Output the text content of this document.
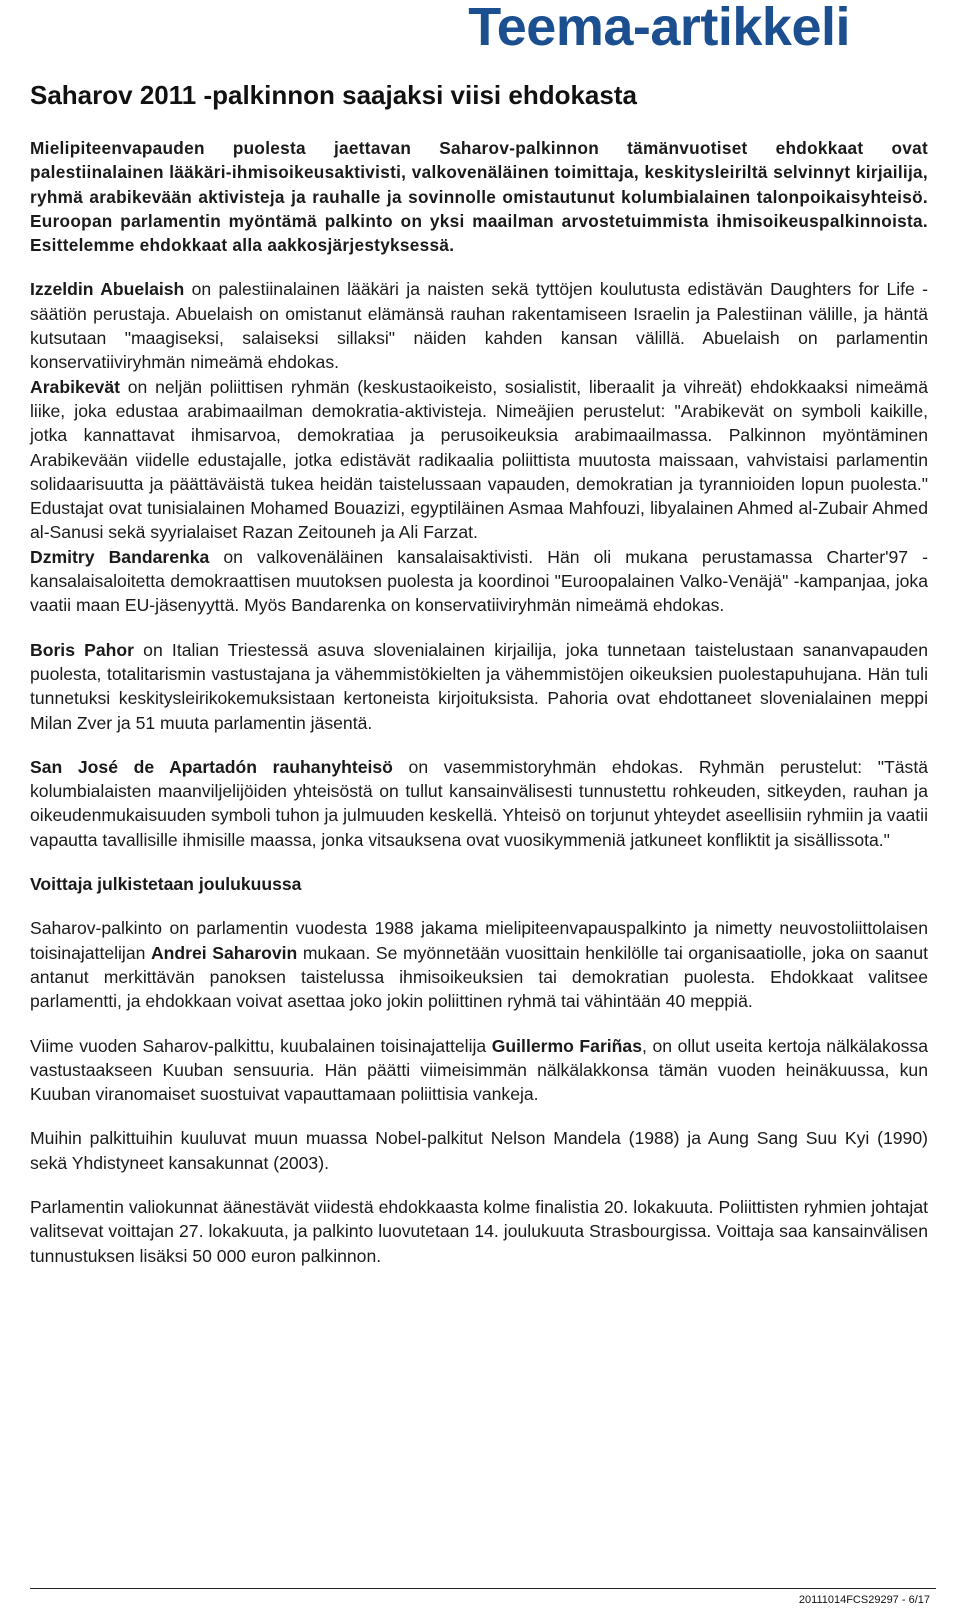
Teema-artikkeli
Saharov 2011 -palkinnon saajaksi viisi ehdokasta

Mielipiteenvapauden puolesta jaettavan Saharov-palkinnon tämänvuotiset ehdokkaat ovat palestiinalainen lääkäri-ihmisoikeusaktivisti, valkovenäläinen toimittaja, keskitysleiriltä selvinnyt kirjailija, ryhmä arabikevään aktivisteja ja rauhalle ja sovinnolle omistautunut kolumbialainen talonpoikaisyhteisö. Euroopan parlamentin myöntämä palkinto on yksi maailman arvostetuimmista ihmisoikeuspalkinnoista. Esittelemme ehdokkaat alla aakkosjärjestyksessä.

Izzeldin Abuelaish on palestiinalainen lääkäri ja naisten sekä tyttöjen koulutusta edistävän Daughters for Life -säätiön perustaja. Abuelaish on omistanut elämänsä rauhan rakentamiseen Israelin ja Palestiinan välille, ja häntä kutsutaan "maagiseksi, salaiseksi sillaksi" näiden kahden kansan välillä. Abuelaish on parlamentin konservatiiviryhmän nimeämä ehdokas.

Arabikevät on neljän poliittisen ryhmän (keskustaoikeisto, sosialistit, liberaalit ja vihreät) ehdokkaaksi nimeämä liike, joka edustaa arabimaailman demokratia-aktivisteja. Nimeäjien perustelut: "Arabikevät on symboli kaikille, jotka kannattavat ihmisarvoa, demokratiaa ja perusoikeuksia arabimaailmassa. Palkinnon myöntäminen Arabikevään viidelle edustajalle, jotka edistävät radikaalia poliittista muutosta maissaan, vahvistaisi parlamentin solidaarisuutta ja päättäväistä tukea heidän taistelussaan vapauden, demokratian ja tyrannioiden lopun puolesta." Edustajat ovat tunisialainen Mohamed Bouazizi, egyptiläinen Asmaa Mahfouzi, libyalainen Ahmed al-Zubair Ahmed al-Sanusi sekä syyrialaiset Razan Zeitouneh ja Ali Farzat.

Dzmitry Bandarenka on valkovenäläinen kansalaisaktivisti. Hän oli mukana perustamassa Charter'97 -kansalaisaloitetta demokraattisen muutoksen puolesta ja koordinoi "Euroopalainen Valko-Venäjä" -kampanjaa, joka vaatii maan EU-jäsenyyttä. Myös Bandarenka on konservatiiviryhmän nimeämä ehdokas.

Boris Pahor on Italian Triestessä asuva slovenialainen kirjailija, joka tunnetaan taistelustaan sananvapauden puolesta, totalitarismin vastustajana ja vähemmistökielten ja vähemmistöjen oikeuksien puolestapuhujana. Hän tuli tunnetuksi keskitysleirikokemuksistaan kertoneista kirjoituksista. Pahoria ovat ehdottaneet slovenialainen meppi Milan Zver ja 51 muuta parlamentin jäsentä.

San José de Apartadón rauhanyhteisö on vasemmistoryhmän ehdokas. Ryhmän perustelut: "Tästä kolumbialaisten maanviljelijöiden yhteisöstä on tullut kansainvälisesti tunnustettu rohkeuden, sitkeyden, rauhan ja oikeudenmukaisuuden symboli tuhon ja julmuuden keskellä. Yhteisö on torjunut yhteydet aseellisiin ryhmiin ja vaatii vapautta tavallisille ihmisille maassa, jonka vitsauksena ovat vuosikymmeniä jatkuneet konfliktit ja sisällissota."

Voittaja julkistetaan joulukuussa

Saharov-palkinto on parlamentin vuodesta 1988 jakama mielipiteenvapauspalkinto ja nimetty neuvostoliittolaisen toisinajattelijan Andrei Saharovin mukaan. Se myönnetään vuosittain henkilölle tai organisaatiolle, joka on saanut antanut merkittävän panoksen taistelussa ihmisoikeuksien tai demokratian puolesta. Ehdokkaat valitsee parlamentti, ja ehdokkaan voivat asettaa joko jokin poliittinen ryhmä tai vähintään 40 meppiä.

Viime vuoden Saharov-palkittu, kuubalainen toisinajattelija Guillermo Fariñas, on ollut useita kertoja nälkälakossa vastustaakseen Kuuban sensuuria. Hän päätti viimeisimmän nälkälakkonsa tämän vuoden heinäkuussa, kun Kuuban viranomaiset suostuivat vapauttamaan poliittisia vankeja.

Muihin palkittuihin kuuluvat muun muassa Nobel-palkitut Nelson Mandela (1988) ja Aung Sang Suu Kyi (1990) sekä Yhdistyneet kansakunnat (2003).

Parlamentin valiokunnat äänestävät viidestä ehdokkaasta kolme finalistia 20. lokakuuta. Poliittisten ryhmien johtajat valitsevat voittajan 27. lokakuuta, ja palkinto luovutetaan 14. joulukuuta Strasbourgissa. Voittaja saa kansainvälisen tunnustuksen lisäksi 50 000 euron palkinnon.

20111014FCS29297 - 6/17
